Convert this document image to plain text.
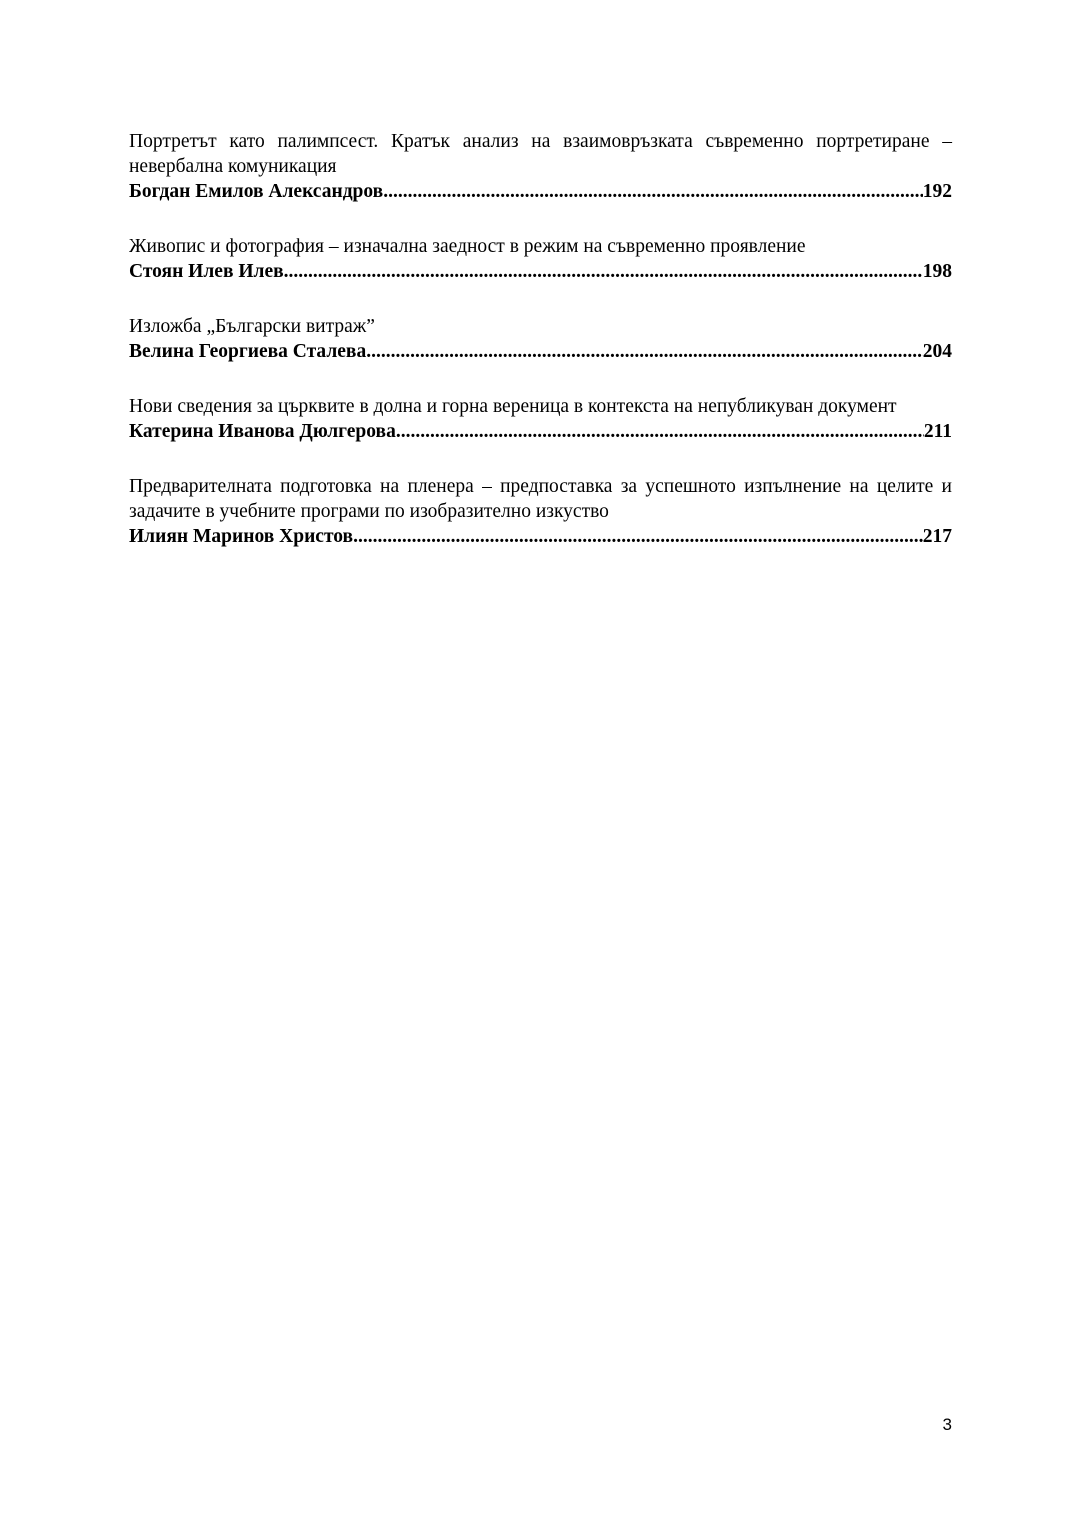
Портретът като палимпсест. Кратък анализ на взаимовръзката съвременно портретиране – невербална комуникация

Богдан Емилов Александров .....	192

Живопис и фотография – изначална заедност в режим на съвременно проявление

Стоян Илев Илев .....	198

Изложба „Български витраж”

Велина Георгиева Сталева .....	204

Нови сведения за църквите в долна и горна вереница в контекста на непубликуван документ

Катерина Иванова Дюлгерова .....	211

Предварителната подготовка на пленера – предпоставка за успешното изпълнение на целите и задачите в учебните програми по изобразително изкуство

Илиян Маринов Христов .....	217
3
